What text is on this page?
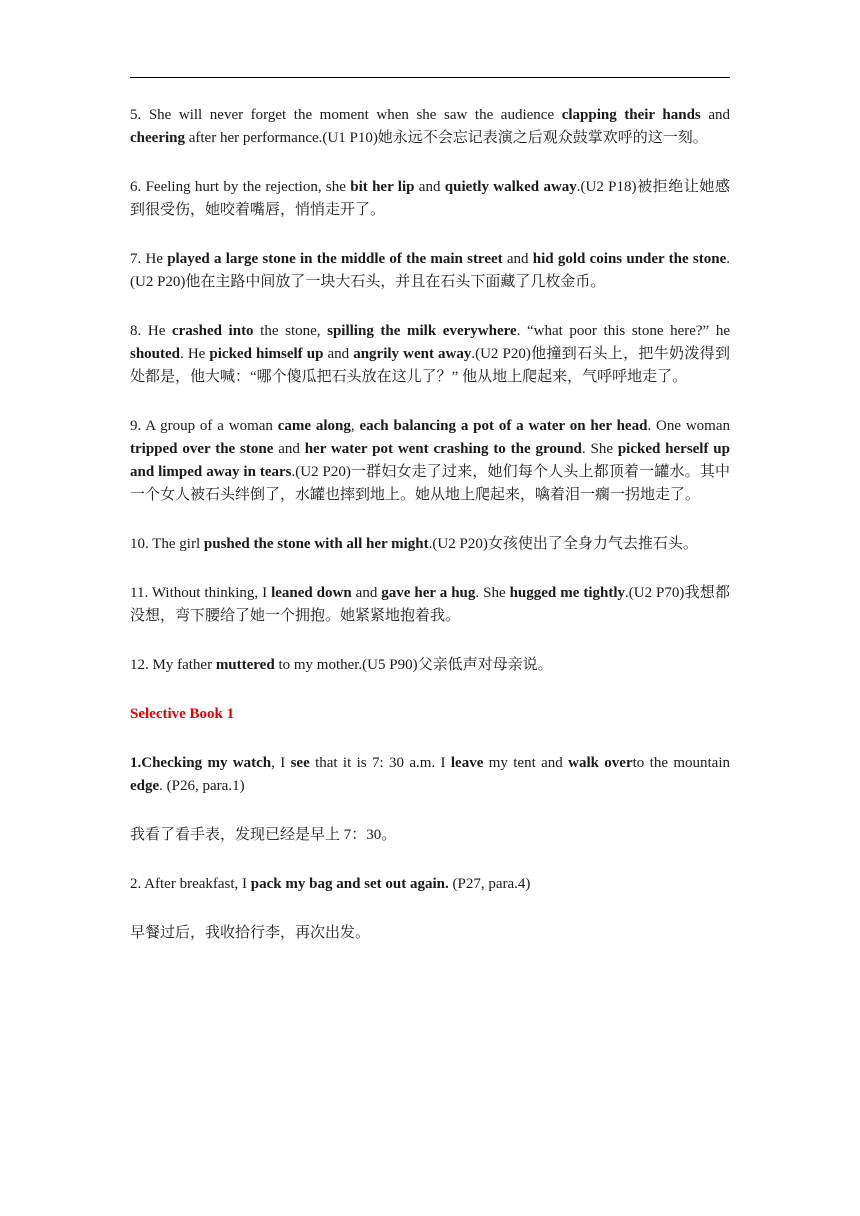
5. She will never forget the moment when she saw the audience clapping their hands and cheering after her performance.(U1 P10)她永远不会忘记表演之后观众鼓掌欢呼的这一刻。

6. Feeling hurt by the rejection, she bit her lip and quietly walked away.(U2 P18)被拒绝让她感到很受伤，她咬着嘴唇，悄悄走开了。

7. He played a large stone in the middle of the main street and hid gold coins under the stone. (U2 P20)他在主路中间放了一块大石头，并且在石头下面藏了几枚金币。

8. He crashed into the stone, spilling the milk everywhere. “what poor this stone here?” he shouted. He picked himself up and angrily went away.(U2 P20)他撞到石头上，把牛奶泼得到处都是，他大喊：“哪个傻瓜把石头放在这儿了？” 他从地上爬起来，气呼呼地走了。

9. A group of a woman came along, each balancing a pot of a water on her head. One woman tripped over the stone and her water pot went crashing to the ground. She picked herself up and limped away in tears.(U2 P20)一群妇女走了过来，她们每个人头上都顶着一罐水。其中一个女人被石头绊倒了，水罐也摔到地上。她从地上爬起来，噙着泪一瘸一拐地走了。

10. The girl pushed the stone with all her might.(U2 P20)女孩使出了全身力气去推石头。

11. Without thinking, I leaned down and gave her a hug. She hugged me tightly.(U2 P70)我想都没想，弯下腰给了她一个拥抱。她紧紧地抱着我。

12. My father muttered to my mother.(U5 P90)父亲低声对母亲说。

Selective Book 1

1.Checking my watch, I see that it is 7: 30 a.m. I leave my tent and walk overto the mountain edge. (P26, para.1)

我看了看手表，发现已经是早上 7：30。

2. After breakfast, I pack my bag and set out again. (P27, para.4)

早餐过后，我收拾行李，再次出发。
